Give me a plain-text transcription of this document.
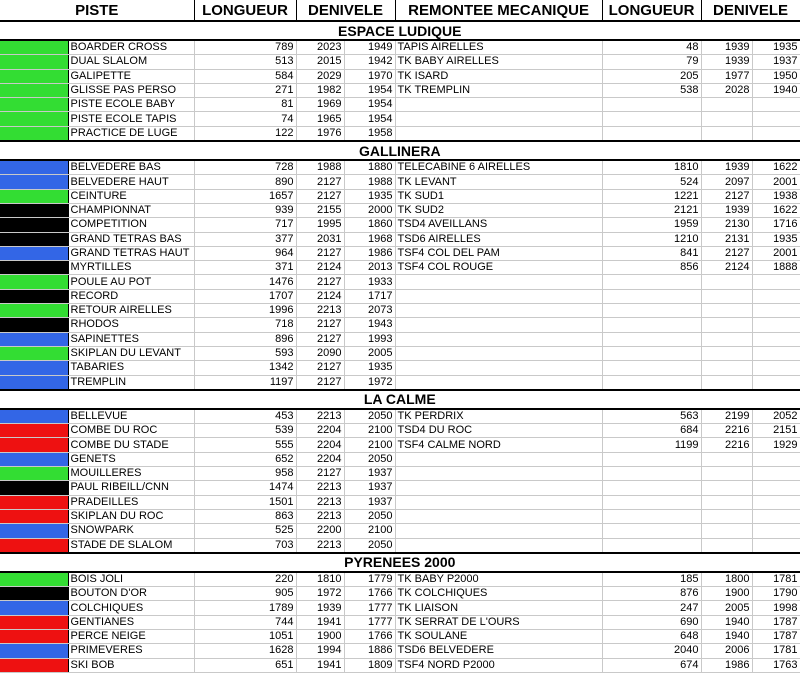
PISTE		LONGUEUR	DENIVELE		REMONTEE MECANIQUE	LONGUEUR	DENIVELE	
ESPACE LUDIQUE								
	BOARDER CROSS	789	2023	1949	TAPIS AIRELLES	48	1939	1935
	DUAL SLALOM	513	2015	1942	TK BABY AIRELLES	79	1939	1937
	GALIPETTE	584	2029	1970	TK ISARD	205	1977	1950
	GLISSE PAS PERSO	271	1982	1954	TK TREMPLIN	538	2028	1940
	PISTE ECOLE BABY	81	1969	1954				
	PISTE ECOLE TAPIS	74	1965	1954				
	PRACTICE DE LUGE	122	1976	1958				
GALLINERA								
	BELVEDERE BAS	728	1988	1880	TELECABINE 6 AIRELLES	1810	1939	1622
	BELVEDERE HAUT	890	2127	1988	TK LEVANT	524	2097	2001
	CEINTURE	1657	2127	1935	TK SUD1	1221	2127	1938
	CHAMPIONNAT	939	2155	2000	TK SUD2	2121	1939	1622
	COMPETITION	717	1995	1860	TSD4 AVEILLANS	1959	2130	1716
	GRAND TETRAS BAS	377	2031	1968	TSD6 AIRELLES	1210	2131	1935
	GRAND TETRAS HAUT	964	2127	1986	TSF4 COL DEL PAM	841	2127	2001
	MYRTILLES	371	2124	2013	TSF4 COL ROUGE	856	2124	1888
	POULE AU POT	1476	2127	1933				
	RECORD	1707	2124	1717				
	RETOUR AIRELLES	1996	2213	2073				
	RHODOS	718	2127	1943				
	SAPINETTES	896	2127	1993				
	SKIPLAN DU LEVANT	593	2090	2005				
	TABARIES	1342	2127	1935				
	TREMPLIN	1197	2127	1972				
LA CALME								
	BELLEVUE	453	2213	2050	TK PERDRIX	563	2199	2052
	COMBE DU ROC	539	2204	2100	TSD4 DU ROC	684	2216	2151
	COMBE DU STADE	555	2204	2100	TSF4 CALME NORD	1199	2216	1929
	GENETS	652	2204	2050				
	MOUILLERES	958	2127	1937				
	PAUL RIBEILL/CNN	1474	2213	1937				
	PRADEILLES	1501	2213	1937				
	SKIPLAN DU ROC	863	2213	2050				
	SNOWPARK	525	2200	2100				
	STADE DE SLALOM	703	2213	2050				
PYRENEES 2000								
	BOIS JOLI	220	1810	1779	TK BABY P2000	185	1800	1781
	BOUTON D'OR	905	1972	1766	TK COLCHIQUES	876	1900	1790
	COLCHIQUES	1789	1939	1777	TK LIAISON	247	2005	1998
	GENTIANES	744	1941	1777	TK SERRAT DE L'OURS	690	1940	1787
	PERCE NEIGE	1051	1900	1766	TK SOULANE	648	1940	1787
	PRIMEVERES	1628	1994	1886	TSD6 BELVEDERE	2040	2006	1781
	SKI BOB	651	1941	1809	TSF4 NORD P2000	674	1986	1763
